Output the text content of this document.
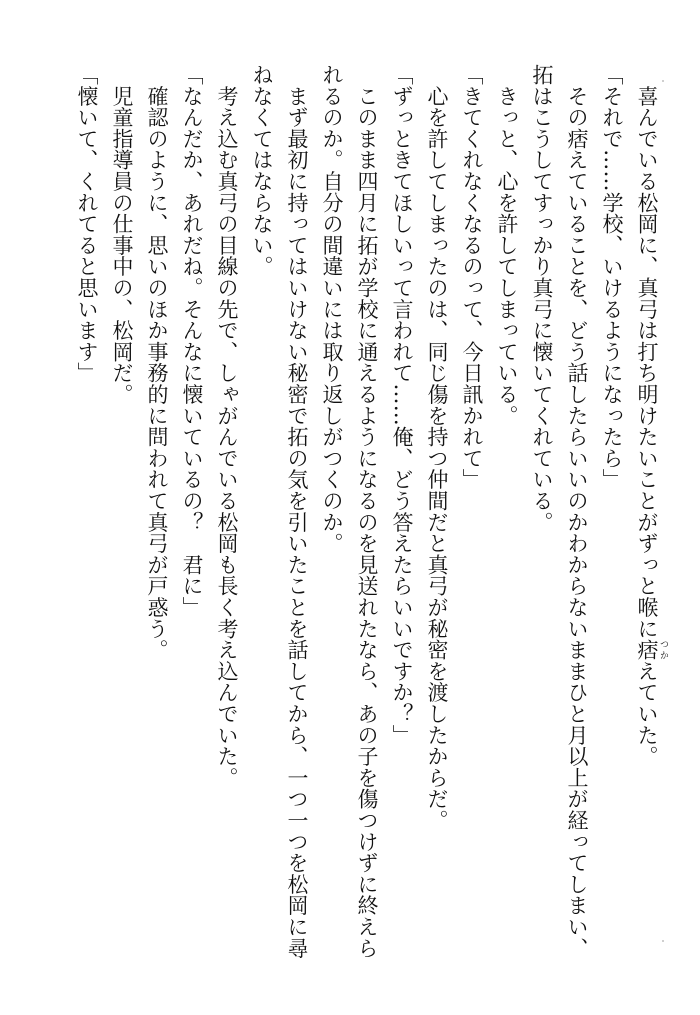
　喜んでいる松岡に、真弓は打ち明けたいことがずっと喉に痞 つかえていた。
「それで……学校、いけるようになったら」
　その痞えていることを、どう話したらいいのかわからないままひと月以上が経ってしまい、
拓はこうしてすっかり真弓に懐いてくれている。
　きっと、心を許してしまっている。
「きてくれなくなるのって、今日訊かれて」
　心を許してしまったのは、同じ傷を持つ仲間だと真弓が秘密を渡したからだ。
「ずっときてほしいって言われて……俺、どう答えたらいいですか？」
　このまま四月に拓が学校に通えるようになるのを見送れたなら、あの子を傷つけずに終えら
れるのか。自分の間違いには取り返しがつくのか。
　まず最初に持ってはいけない秘密で拓の気を引いたことを話してから、一つ一つを松岡に尋
ねなくてはならない。
　考え込む真弓の目線の先で、しゃがんでいる松岡も長く考え込んでいた。
「なんだか、あれだね。そんなに懐いているの？　君に」
　確認のように、思いのほか事務的に問われて真弓が戸惑う。
　児童指導員の仕事中の、松岡だ。
「懐いて、くれてると思います」
